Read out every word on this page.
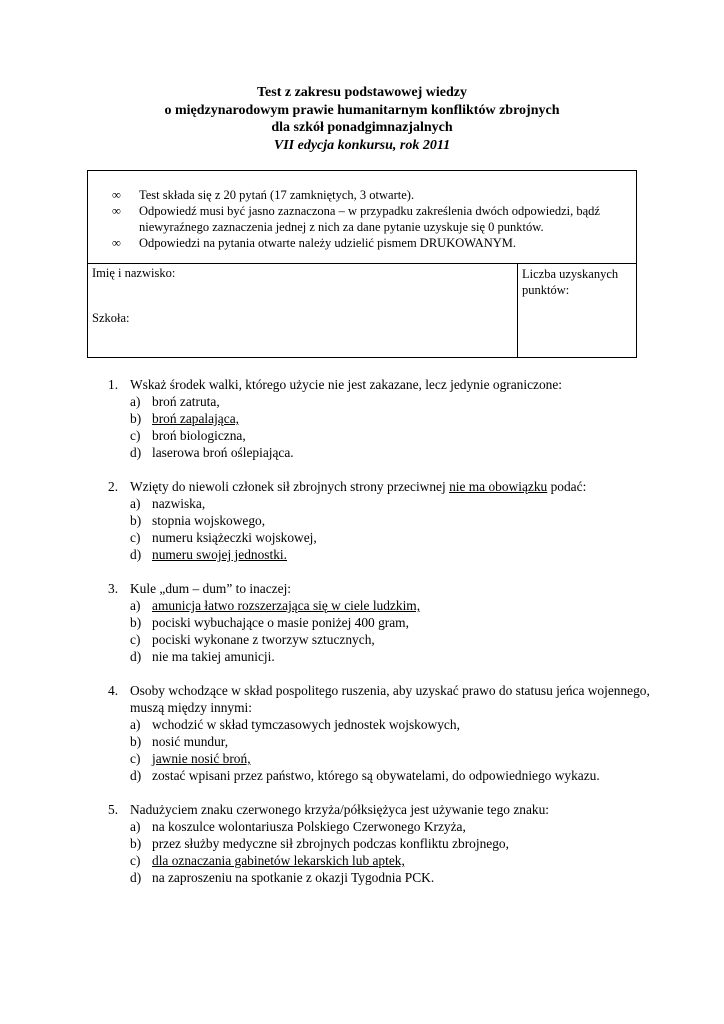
Test z zakresu podstawowej wiedzy
o międzynarodowym prawie humanitarnym konfliktów zbrojnych
dla szkół ponadgimnazjalnych
VII edycja konkursu, rok 2011
∞ Test składa się z 20 pytań (17 zamkniętych, 3 otwarte).
∞ Odpowiedź musi być jasno zaznaczona – w przypadku zakreślenia dwóch odpowiedzi, bądź niewyraźnego zaznaczenia jednej z nich za dane pytanie uzyskuje się 0 punktów.
∞ Odpowiedzi na pytania otwarte należy udzielić pismem DRUKOWANYM.
Imię i nazwisko:
Szkoła:
Liczba uzyskanych punktów:
1. Wskaż środek walki, którego użycie nie jest zakazane, lecz jedynie ograniczone:
a) broń zatruta,
b) broń zapalająca,
c) broń biologiczna,
d) laserowa broń oślepiająca.
2. Wzięty do niewoli członek sił zbrojnych strony przeciwnej nie ma obowiązku podać:
a) nazwiska,
b) stopnia wojskowego,
c) numeru książeczki wojskowej,
d) numeru swojej jednostki.
3. Kule „dum – dum” to inaczej:
a) amunicja łatwo rozszerzająca się w ciele ludzkim,
b) pociski wybuchające o masie poniżej 400 gram,
c) pociski wykonane z tworzyw sztucznych,
d) nie ma takiej amunicji.
4. Osoby wchodzące w skład pospolitego ruszenia, aby uzyskać prawo do statusu jeńca wojennego, muszą między innymi:
a) wchodzić w skład tymczasowych jednostek wojskowych,
b) nosić mundur,
c) jawnie nosić broń,
d) zostać wpisani przez państwo, którego są obywatelami, do odpowiedniego wykazu.
5. Nadużyciem znaku czerwonego krzyża/półksiężyca jest używanie tego znaku:
a) na koszulce wolontariusza Polskiego Czerwonego Krzyża,
b) przez służby medyczne sił zbrojnych podczas konfliktu zbrojnego,
c) dla oznaczania gabinetów lekarskich lub aptek,
d) na zaproszeniu na spotkanie z okazji Tygodnia PCK.
